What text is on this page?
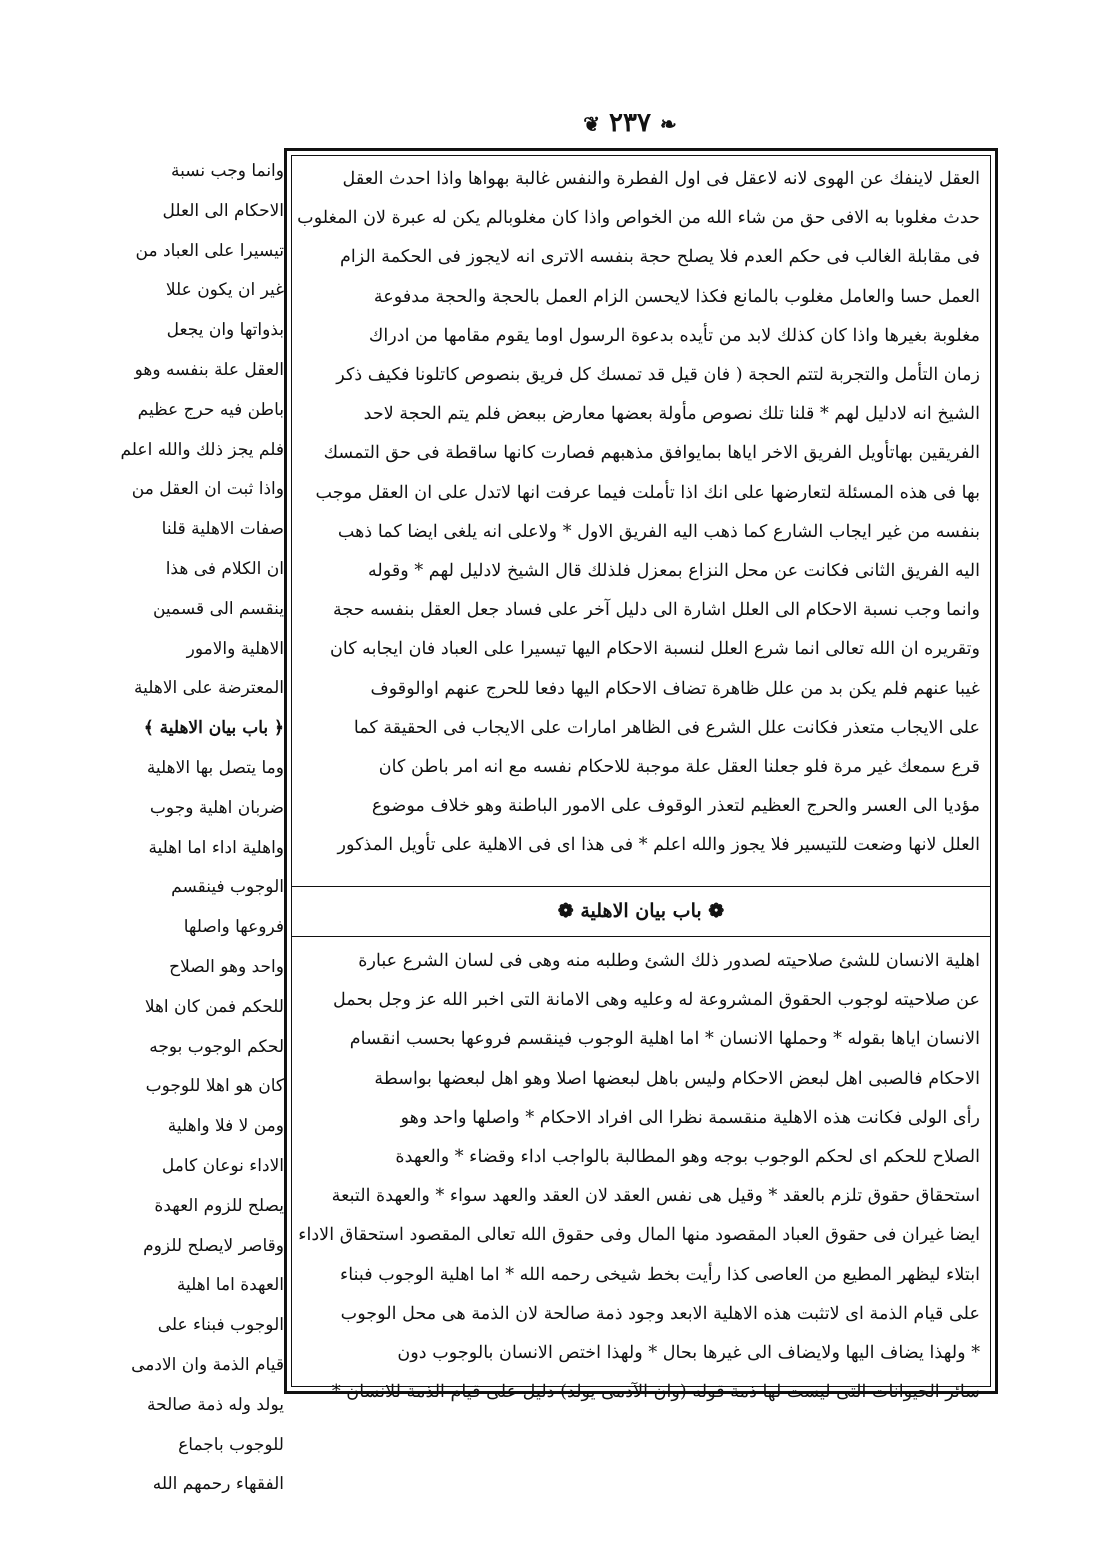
❦ ٢٣٧ ❧

العقل لاينفك عن الهوى لانه لاعقل فى اول الفطرة والنفس غالبة بهواها واذا احدث العقل

حدث مغلوبا به الافى حق من شاء الله من الخواص واذا كان مغلوبالم يكن له عبرة لان المغلوب

فى مقابلة الغالب فى حكم العدم فلا يصلح حجة بنفسه الاترى انه لايجوز فى الحكمة الزام

العمل حسا والعامل مغلوب بالمانع فكذا لايحسن الزام العمل بالحجة والحجة مدفوعة

مغلوبة بغيرها واذا كان كذلك لابد من تأيده بدعوة الرسول اوما يقوم مقامها من ادراك

زمان التأمل والتجربة لتتم الحجة ( فان قيل قد تمسك كل فريق بنصوص كاتلونا فكيف ذكر

الشيخ انه لادليل لهم * قلنا تلك نصوص مأولة بعضها معارض ببعض فلم يتم الحجة لاحد

الفريقين بهاتأويل الفريق الاخر اياها بمايوافق مذهبهم فصارت كانها ساقطة فى حق التمسك

بها فى هذه المسئلة لتعارضها على انك اذا تأملت فيما عرفت انها لاتدل على ان العقل موجب

بنفسه من غير ايجاب الشارع كما ذهب اليه الفريق الاول * ولاعلى انه يلغى ايضا كما ذهب

اليه الفريق الثانى فكانت عن محل النزاع بمعزل فلذلك قال الشيخ لادليل لهم * وقوله

وانما وجب نسبة الاحكام الى العلل اشارة الى دليل آخر على فساد جعل العقل بنفسه حجة

وتقريره ان الله تعالى انما شرع العلل لنسبة الاحكام اليها تيسيرا على العباد فان ايجابه كان

غيبا عنهم فلم يكن بد من علل ظاهرة تضاف الاحكام اليها دفعا للحرج عنهم اوالوقوف

على الايجاب متعذر فكانت علل الشرع فى الظاهر امارات على الايجاب فى الحقيقة كما

قرع سمعك غير مرة فلو جعلنا العقل علة موجبة للاحكام نفسه مع انه امر باطن كان

مؤديا الى العسر والحرج العظيم لتعذر الوقوف على الامور الباطنة وهو خلاف موضوع

العلل لانها وضعت للتيسير فلا يجوز والله اعلم * فى هذا اى فى الاهلية على تأويل المذكور

❁ باب بيان الاهلية ❁

اهلية الانسان للشئ صلاحيته لصدور ذلك الشئ وطلبه منه وهى فى لسان الشرع عبارة

عن صلاحيته لوجوب الحقوق المشروعة له وعليه وهى الامانة التى اخبر الله عز وجل بحمل

الانسان اياها بقوله * وحملها الانسان * اما اهلية الوجوب فينقسم فروعها بحسب انقسام

الاحكام فالصبى اهل لبعض الاحكام وليس باهل لبعضها اصلا وهو اهل لبعضها بواسطة

رأى الولى فكانت هذه الاهلية منقسمة نظرا الى افراد الاحكام * واصلها واحد وهو

الصلاح للحكم اى لحكم الوجوب بوجه وهو المطالبة بالواجب اداء وقضاء * والعهدة

استحقاق حقوق تلزم بالعقد * وقيل هى نفس العقد لان العقد والعهد سواء * والعهدة التبعة

ايضا غيران فى حقوق العباد المقصود منها المال وفى حقوق الله تعالى المقصود استحقاق الاداء

ابتلاء ليظهر المطيع من العاصى كذا رأيت بخط شيخى رحمه الله * اما اهلية الوجوب فبناء

على قيام الذمة اى لاتثبت هذه الاهلية الابعد وجود ذمة صالحة لان الذمة هى محل الوجوب

* ولهذا يضاف اليها ولايضاف الى غيرها بحال * ولهذا اختص الانسان بالوجوب دون

سائر الحيوانات التى ليست لها ذمة قوله (وان الآدمى يولد) دليل على قيام الذمة للانسان *

وانما وجب نسبة

الاحكام الى العلل

تيسيرا على العباد من

غير ان يكون عللا

بذواتها وان يجعل

العقل علة بنفسه وهو

باطن فيه حرج عظيم

فلم يجز ذلك والله اعلم

واذا ثبت ان العقل من

صفات الاهلية قلنا

ان الكلام فى هذا

ينقسم الى قسمين

الاهلية والامور

المعترضة على الاهلية

﴿ باب بيان الاهلية ﴾

وما يتصل بها الاهلية

ضربان اهلية وجوب

واهلية اداء اما اهلية

الوجوب فينقسم

فروعها واصلها

واحد وهو الصلاح

للحكم فمن كان اهلا

لحكم الوجوب بوجه

كان هو اهلا للوجوب

ومن لا فلا واهلية

الاداء نوعان كامل

يصلح للزوم العهدة

وقاصر لايصلح للزوم

العهدة اما اهلية

الوجوب فبناء على

قيام الذمة وان الادمى

يولد وله ذمة صالحة

للوجوب باجماع

الفقهاء رحمهم الله
